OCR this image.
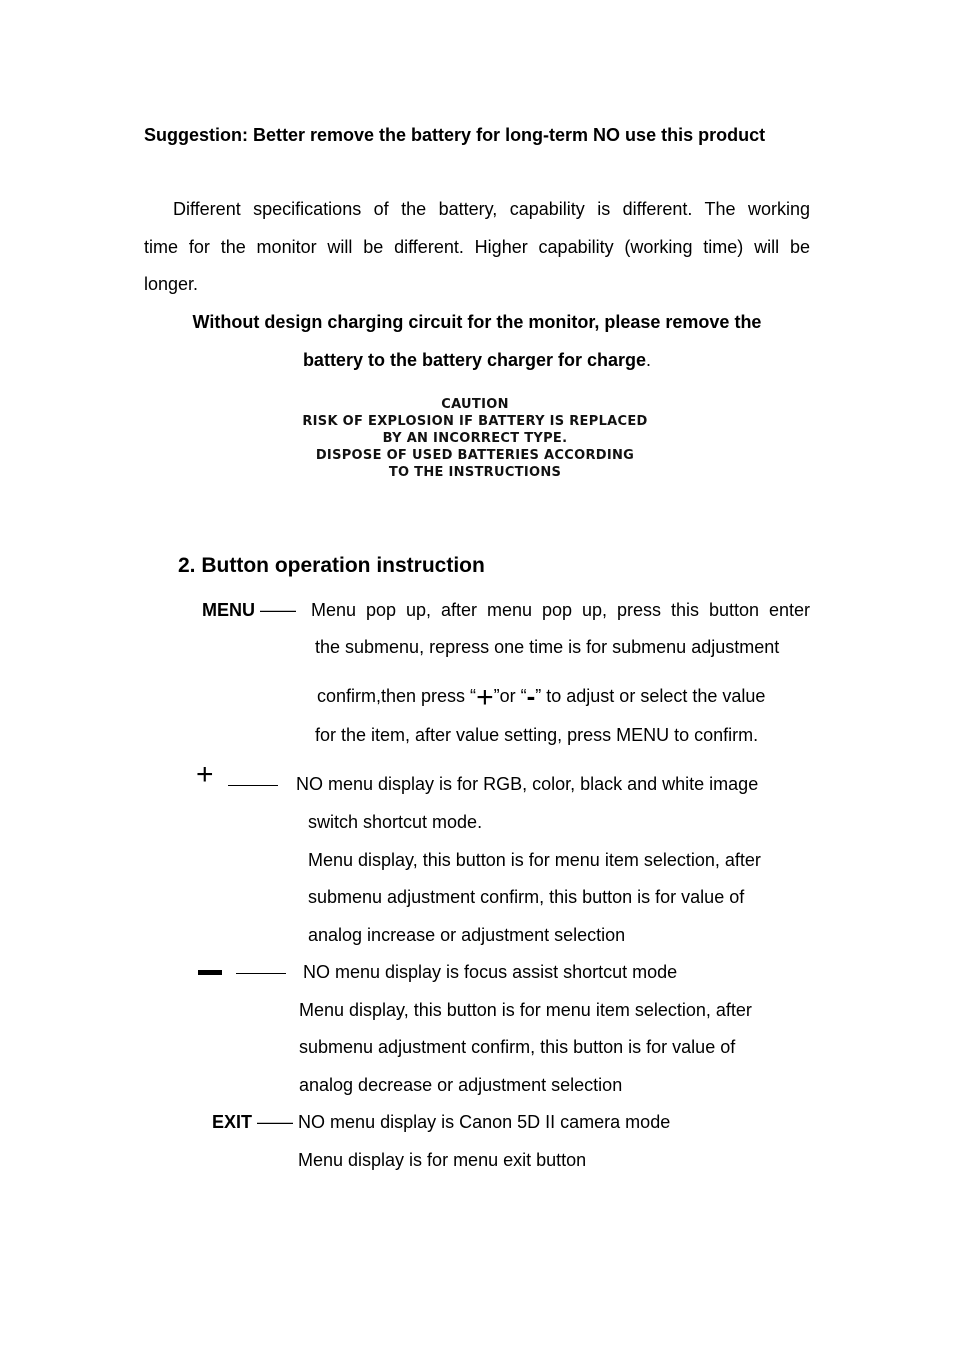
Suggestion: Better remove the battery for long-term NO use this product
Different specifications of the battery, capability is different. The working
time for the monitor will be different. Higher capability (working time) will be
longer.
Without design charging circuit for the monitor, please remove the
battery to the battery charger for charge.
CAUTION
RISK OF EXPLOSION IF BATTERY IS REPLACED
BY AN INCORRECT TYPE.
DISPOSE OF USED BATTERIES ACCORDING
TO THE INSTRUCTIONS
2. Button operation instruction
MENU —— Menu pop up, after menu pop up, press this button enter
the submenu, repress one time is for submenu adjustment
confirm,then press “+”or “-” to adjust or select the value
for the item, after value setting, press MENU to confirm.
+	NO menu display is for RGB, color, black and white image
switch shortcut mode.
Menu display, this button is for menu item selection, after
submenu adjustment confirm, this button is for value of
analog increase or adjustment selection
NO menu display is focus assist shortcut mode
Menu display, this button is for menu item selection, after
submenu adjustment confirm, this button is for value of
analog decrease or adjustment selection
EXIT —— NO menu display is Canon 5D II camera mode
Menu display is for menu exit button
